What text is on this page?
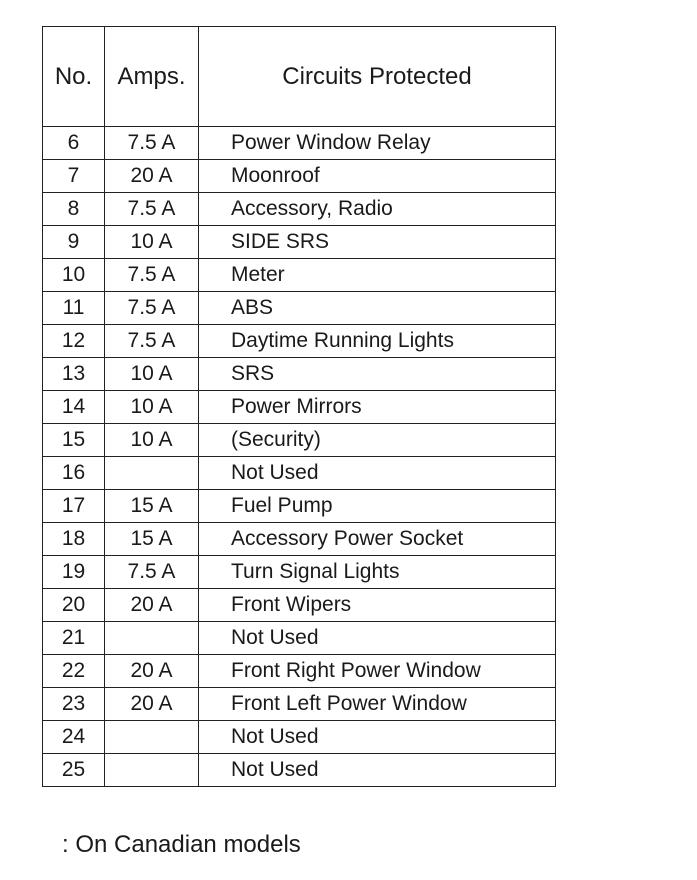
No.	Amps.	Circuits Protected
6	7.5 A	Power Window Relay
7	20 A	Moonroof
8	7.5 A	Accessory, Radio
9	10 A	SIDE SRS
10	7.5 A	Meter
11	7.5 A	ABS
12	7.5 A	Daytime Running Lights
13	10 A	SRS
14	10 A	Power Mirrors
15	10 A	(Security)
16		Not Used
17	15 A	Fuel Pump
18	15 A	Accessory Power Socket
19	7.5 A	Turn Signal Lights
20	20 A	Front Wipers
21		Not Used
22	20 A	Front Right Power Window
23	20 A	Front Left Power Window
24		Not Used
25		Not Used
: On Canadian models
